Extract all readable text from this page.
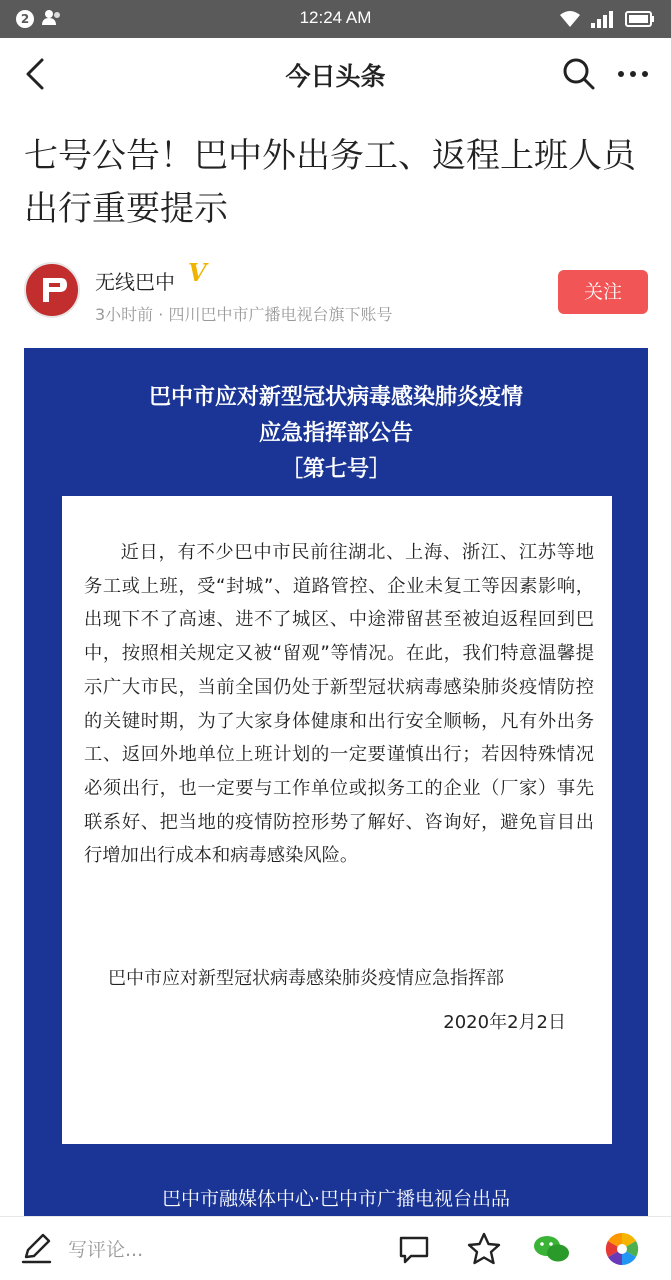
2	12:24 AM
今日头条
七号公告！巴中外出务工、返程上班人员出行重要提示
无线巴中 V
3小时前 · 四川巴中市广播电视台旗下账号
关注
巴中市应对新型冠状病毒感染肺炎疫情
应急指挥部公告
［第七号］
近日，有不少巴中市民前往湖北、上海、浙江、江苏等地务工或上班，受“封城”、道路管控、企业未复工等因素影响，出现下不了高速、进不了城区、中途滞留甚至被迫返程回到巴中，按照相关规定又被“留观”等情况。在此，我们特意温馨提示广大市民，当前全国仍处于新型冠状病毒感染肺炎疫情防控的关键时期，为了大家身体健康和出行安全顺畅，凡有外出务工、返回外地单位上班计划的一定要谨慎出行；若因特殊情况必须出行，也一定要与工作单位或拟务工的企业（厂家）事先联系好、把当地的疫情防控形势了解好、咨询好，避免盲目出行增加出行成本和病毒感染风险。
巴中市应对新型冠状病毒感染肺炎疫情应急指挥部
2020年2月2日
巴中市融媒体中心·巴中市广播电视台出品
写评论...
